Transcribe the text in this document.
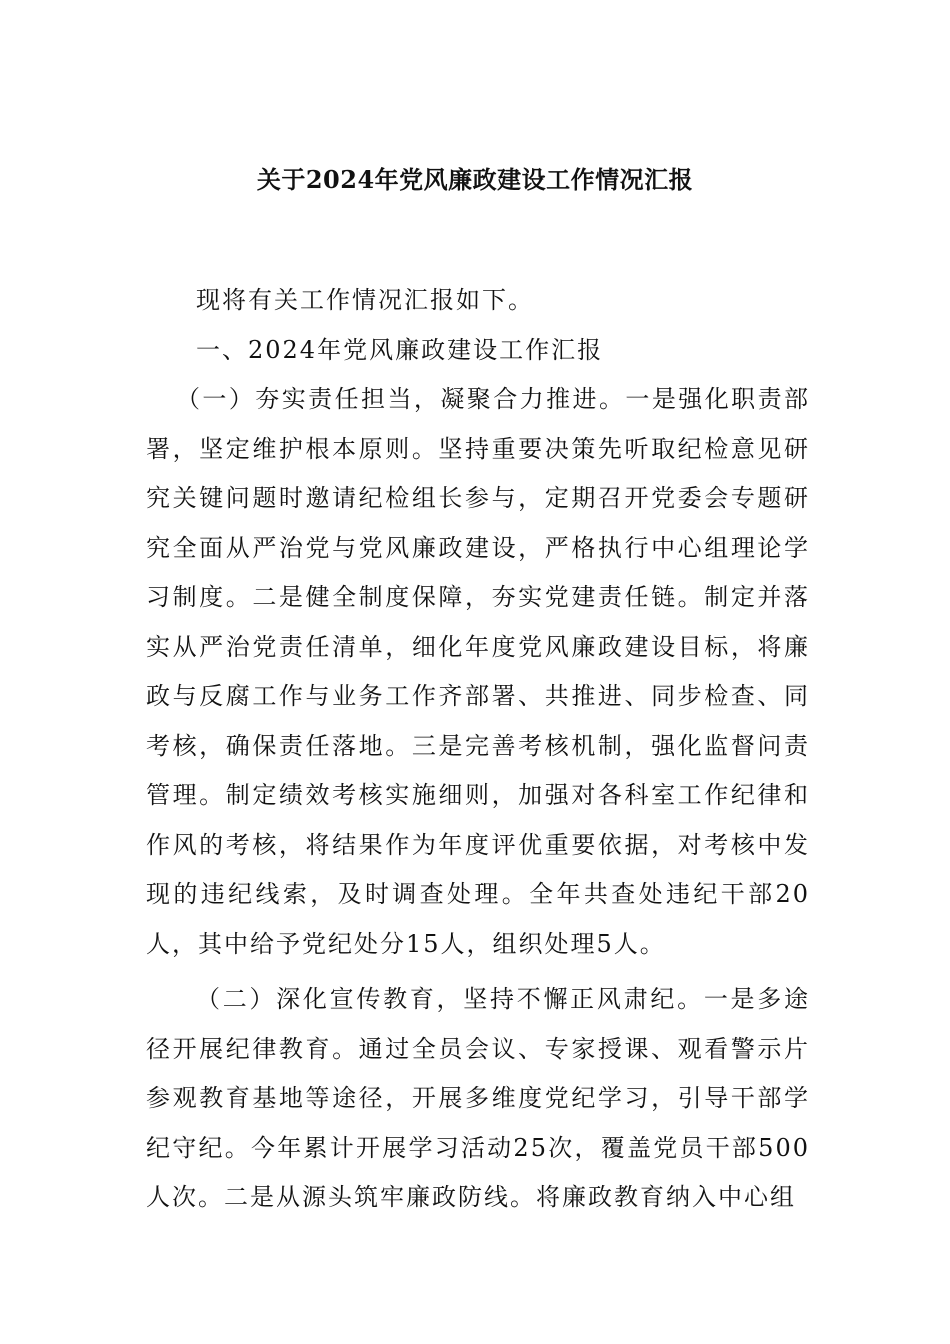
关于2024年党风廉政建设工作情况汇报

现将有关工作情况汇报如下。

一、2024年党风廉政建设工作汇报

（一）夯实责任担当，凝聚合力推进。一是强化职责部署，坚定维护根本原则。坚持重要决策先听取纪检意见研究关键问题时邀请纪检组长参与，定期召开党委会专题研究全面从严治党与党风廉政建设，严格执行中心组理论学习制度。二是健全制度保障，夯实党建责任链。制定并落实从严治党责任清单，细化年度党风廉政建设目标，将廉政与反腐工作与业务工作齐部署、共推进、同步检查、同考核，确保责任落地。三是完善考核机制，强化监督问责管理。制定绩效考核实施细则，加强对各科室工作纪律和作风的考核，将结果作为年度评优重要依据，对考核中发现的违纪线索，及时调查处理。全年共查处违纪干部20人，其中给予党纪处分15人，组织处理5人。

（二）深化宣传教育，坚持不懈正风肃纪。一是多途径开展纪律教育。通过全员会议、专家授课、观看警示片参观教育基地等途径，开展多维度党纪学习，引导干部学纪守纪。今年累计开展学习活动25次，覆盖党员干部500人次。二是从源头筑牢廉政防线。将廉政教育纳入中心组
